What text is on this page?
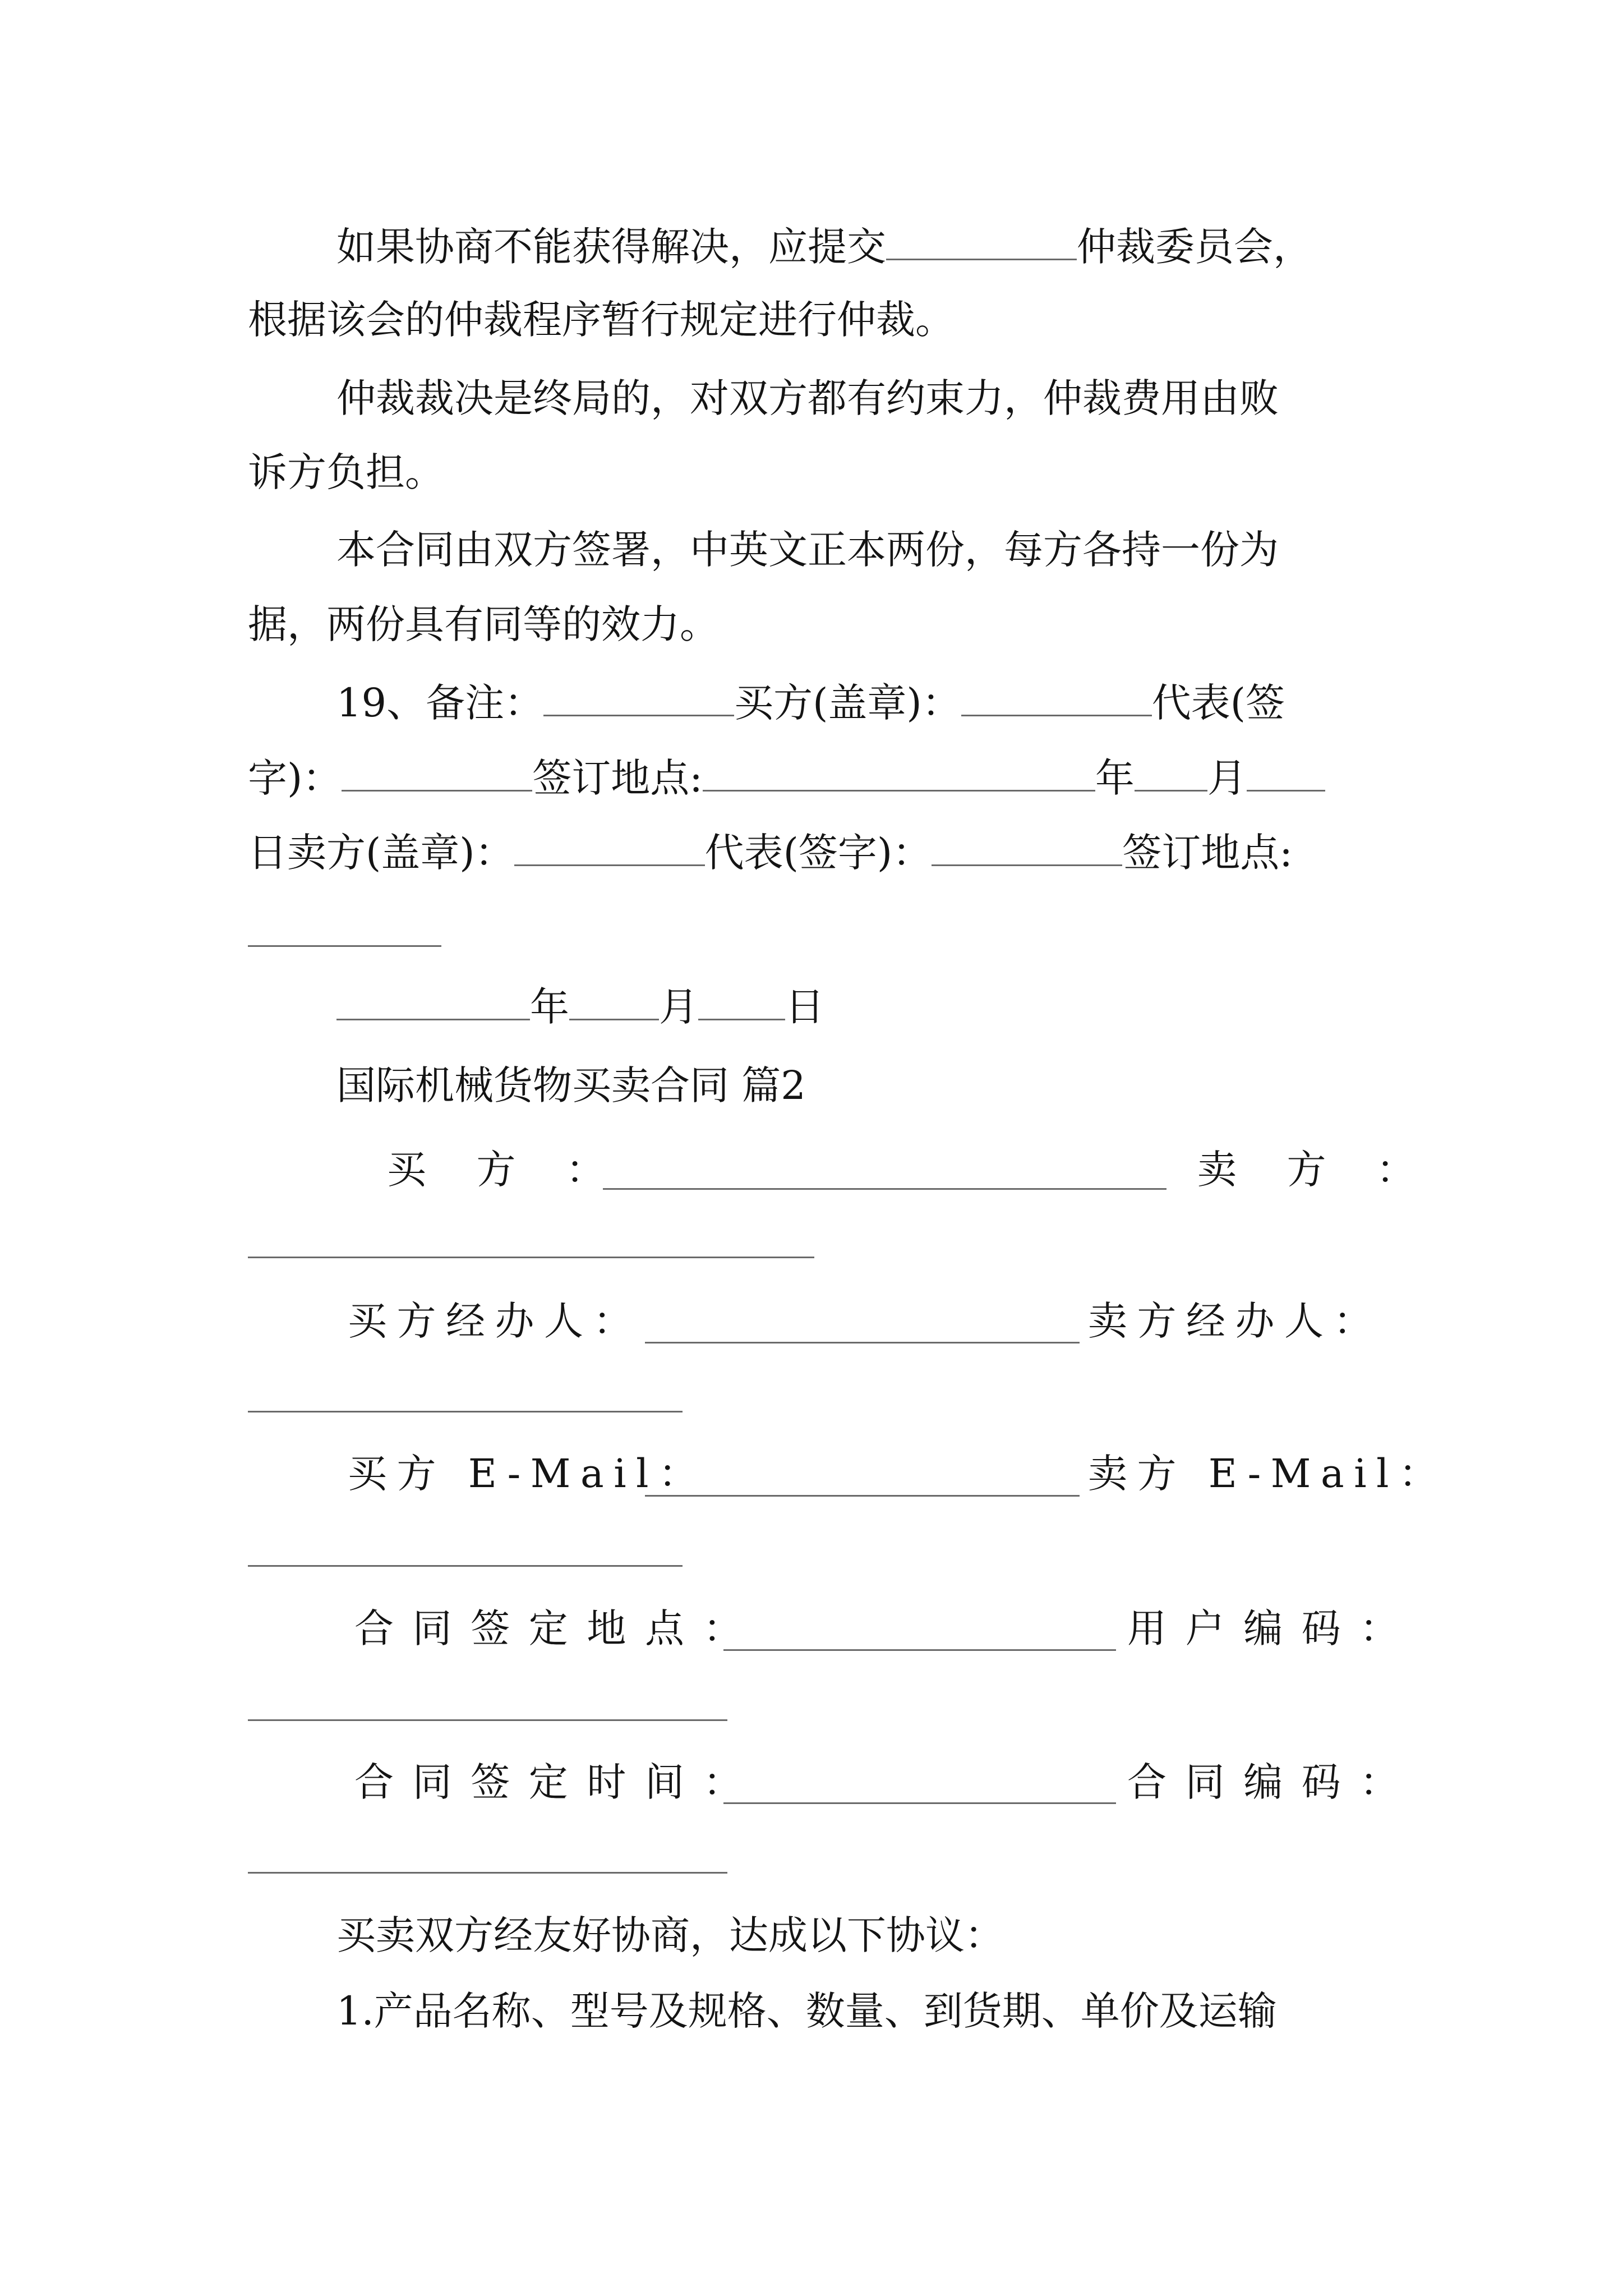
如果协商不能获得解决，应提交	仲裁委员会，
根据该会的仲裁程序暂行规定进行仲裁。
仲裁裁决是终局的，对双方都有约束力，仲裁费用由败
诉方负担。
本合同由双方签署，中英文正本两份，每方各持一份为
据，两份具有同等的效力。
19、备注：	买方(盖章)：	代表(签
字)：	签订地点:	年 月
日卖方(盖章)：	代表(签字)：	签订地点:
年 月 日
国际机械货物买卖合同 篇2
买 方 ：	卖 方 ：
买方经办人：	卖方经办人：
买方 E-Mail：	卖方 E-Mail：
合同签定地点：	用户编码：
合同签定时间：	合同编码：
买卖双方经友好协商，达成以下协议：
1.产品名称、型号及规格、数量、到货期、单价及运输
